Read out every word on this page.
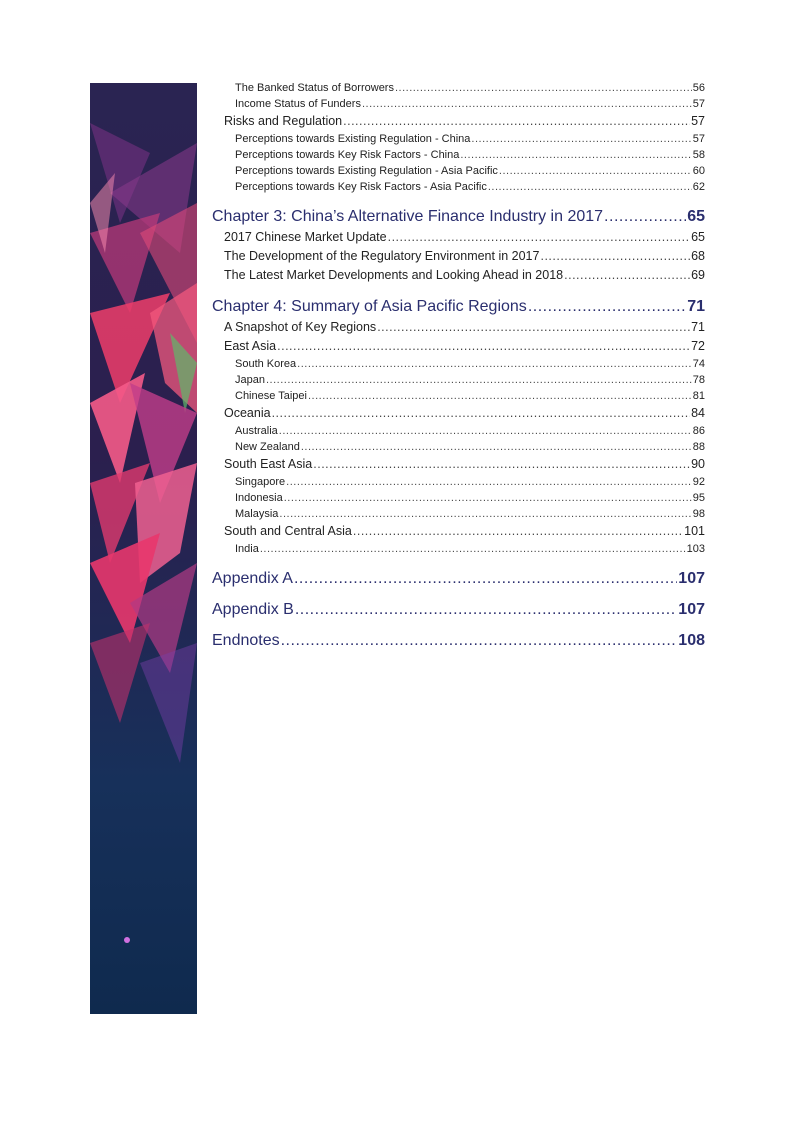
The Banked Status of Borrowers .....	56
Income Status of Funders .....	57
Risks and Regulation .....	57
Perceptions towards Existing Regulation - China .....	57
Perceptions towards Key Risk Factors - China .....	58
Perceptions towards Existing Regulation - Asia Pacific .....	60
Perceptions towards Key Risk Factors - Asia Pacific .....	62
Chapter 3: China’s Alternative Finance Industry in 2017 .....	65
2017 Chinese Market Update .....	65
The Development of the Regulatory Environment in 2017 .....	68
The Latest Market Developments and Looking Ahead in 2018 .....	69
Chapter 4: Summary of Asia Pacific Regions .....	71
A Snapshot of Key Regions .....	71
East Asia .....	72
South Korea .....	74
Japan .....	78
Chinese Taipei .....	81
Oceania .....	84
Australia .....	86
New Zealand .....	88
South East Asia .....	90
Singapore .....	92
Indonesia .....	95
Malaysia .....	98
South and Central Asia .....	101
India .....	103
Appendix A .....	107
Appendix B .....	107
Endnotes .....	108
